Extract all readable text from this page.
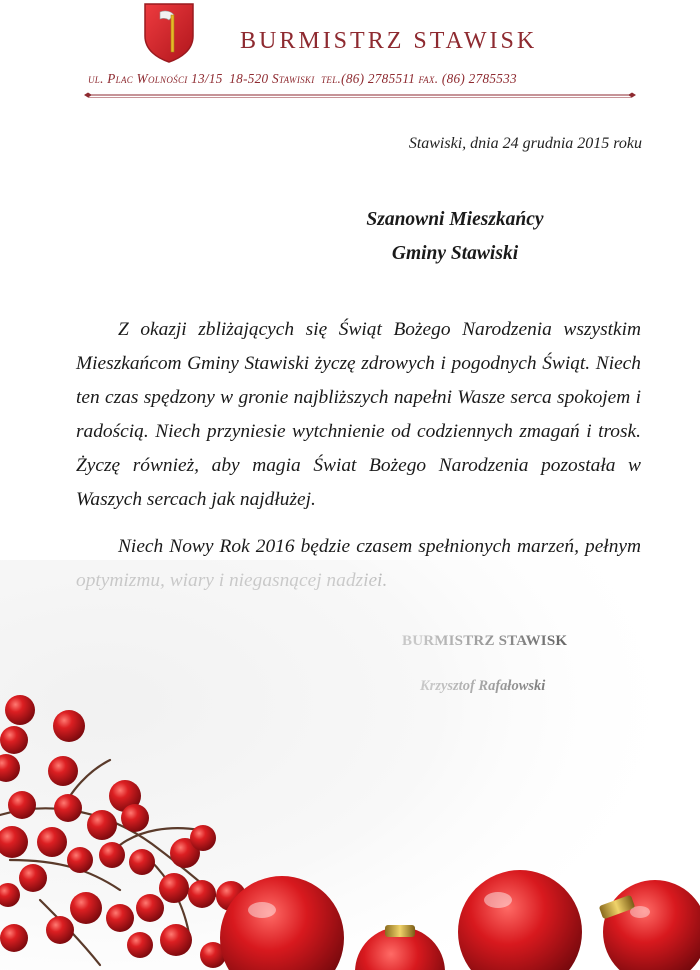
BURMISTRZ STAWISK
ul. Plac Wolności 13/15 18-520 Stawiski tel.(86) 2785511 fax. (86) 2785533
Stawiski, dnia 24 grudnia 2015 roku
Szanowni Mieszkańcy
Gminy Stawiski

Z okazji zbliżających się Świąt Bożego Narodzenia wszystkim Mieszkańcom Gminy Stawiski życzę zdrowych i pogodnych Świąt. Niech ten czas spędzony w gronie najbliższych napełni Wasze serca spokojem i radością. Niech przyniesie wytchnienie od codziennych zmagań i trosk. Życzę również, aby magia Świat Bożego Narodzenia pozostała w Waszych sercach jak najdłużej.

Niech Nowy Rok 2016 będzie czasem spełnionych marzeń, pełnym
